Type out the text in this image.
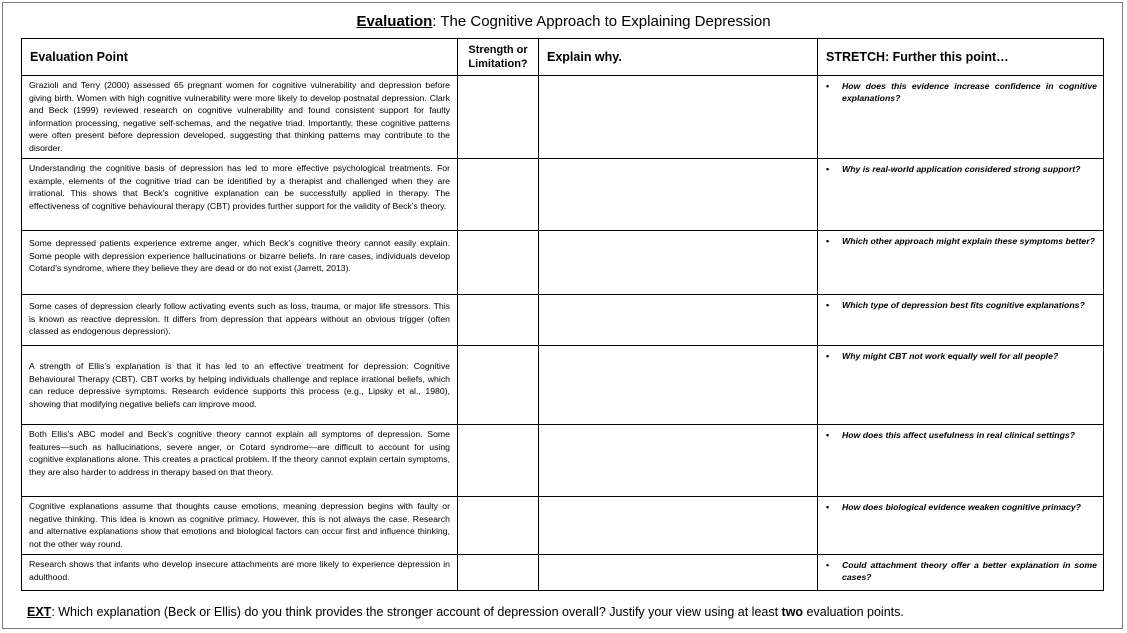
Evaluation: The Cognitive Approach to Explaining Depression
Evaluation Point	Strength or Limitation?	Explain why.	STRETCH: Further this point…

Grazioli and Terry (2000) assessed 65 pregnant women for cognitive vulnerability and depression before giving birth. Women with high cognitive vulnerability were more likely to develop postnatal depression. Clark and Beck (1999) reviewed research on cognitive vulnerability and found consistent support for faulty information processing, negative self-schemas, and the negative triad. Importantly, these cognitive patterns were often present before depression developed, suggesting that thinking patterns may contribute to the disorder.			• How does this evidence increase confidence in cognitive explanations?

Understanding the cognitive basis of depression has led to more effective psychological treatments. For example, elements of the cognitive triad can be identified by a therapist and challenged when they are irrational. This shows that Beck’s cognitive explanation can be successfully applied in therapy. The effectiveness of cognitive behavioural therapy (CBT) provides further support for the validity of Beck’s theory.			• Why is real-world application considered strong support?

Some depressed patients experience extreme anger, which Beck’s cognitive theory cannot easily explain. Some people with depression experience hallucinations or bizarre beliefs. In rare cases, individuals develop Cotard’s syndrome, where they believe they are dead or do not exist (Jarrett, 2013).			• Which other approach might explain these symptoms better?

Some cases of depression clearly follow activating events such as loss, trauma, or major life stressors. This is known as reactive depression. It differs from depression that appears without an obvious trigger (often classed as endogenous depression).			• Which type of depression best fits cognitive explanations?

A strength of Ellis’s explanation is that it has led to an effective treatment for depression: Cognitive Behavioural Therapy (CBT). CBT works by helping individuals challenge and replace irrational beliefs, which can reduce depressive symptoms. Research evidence supports this process (e.g., Lipsky et al., 1980), showing that modifying negative beliefs can improve mood.			• Why might CBT not work equally well for all people?

Both Ellis’s ABC model and Beck’s cognitive theory cannot explain all symptoms of depression. Some features—such as hallucinations, severe anger, or Cotard syndrome—are difficult to account for using cognitive explanations alone. This creates a practical problem. If the theory cannot explain certain symptoms, they are also harder to address in therapy based on that theory.			• How does this affect usefulness in real clinical settings?

Cognitive explanations assume that thoughts cause emotions, meaning depression begins with faulty or negative thinking. This idea is known as cognitive primacy. However, this is not always the case. Research and alternative explanations show that emotions and biological factors can occur first and influence thinking, not the other way round.			• How does biological evidence weaken cognitive primacy?

Research shows that infants who develop insecure attachments are more likely to experience depression in adulthood.			• Could attachment theory offer a better explanation in some cases?
EXT: Which explanation (Beck or Ellis) do you think provides the stronger account of depression overall? Justify your view using at least two evaluation points.
